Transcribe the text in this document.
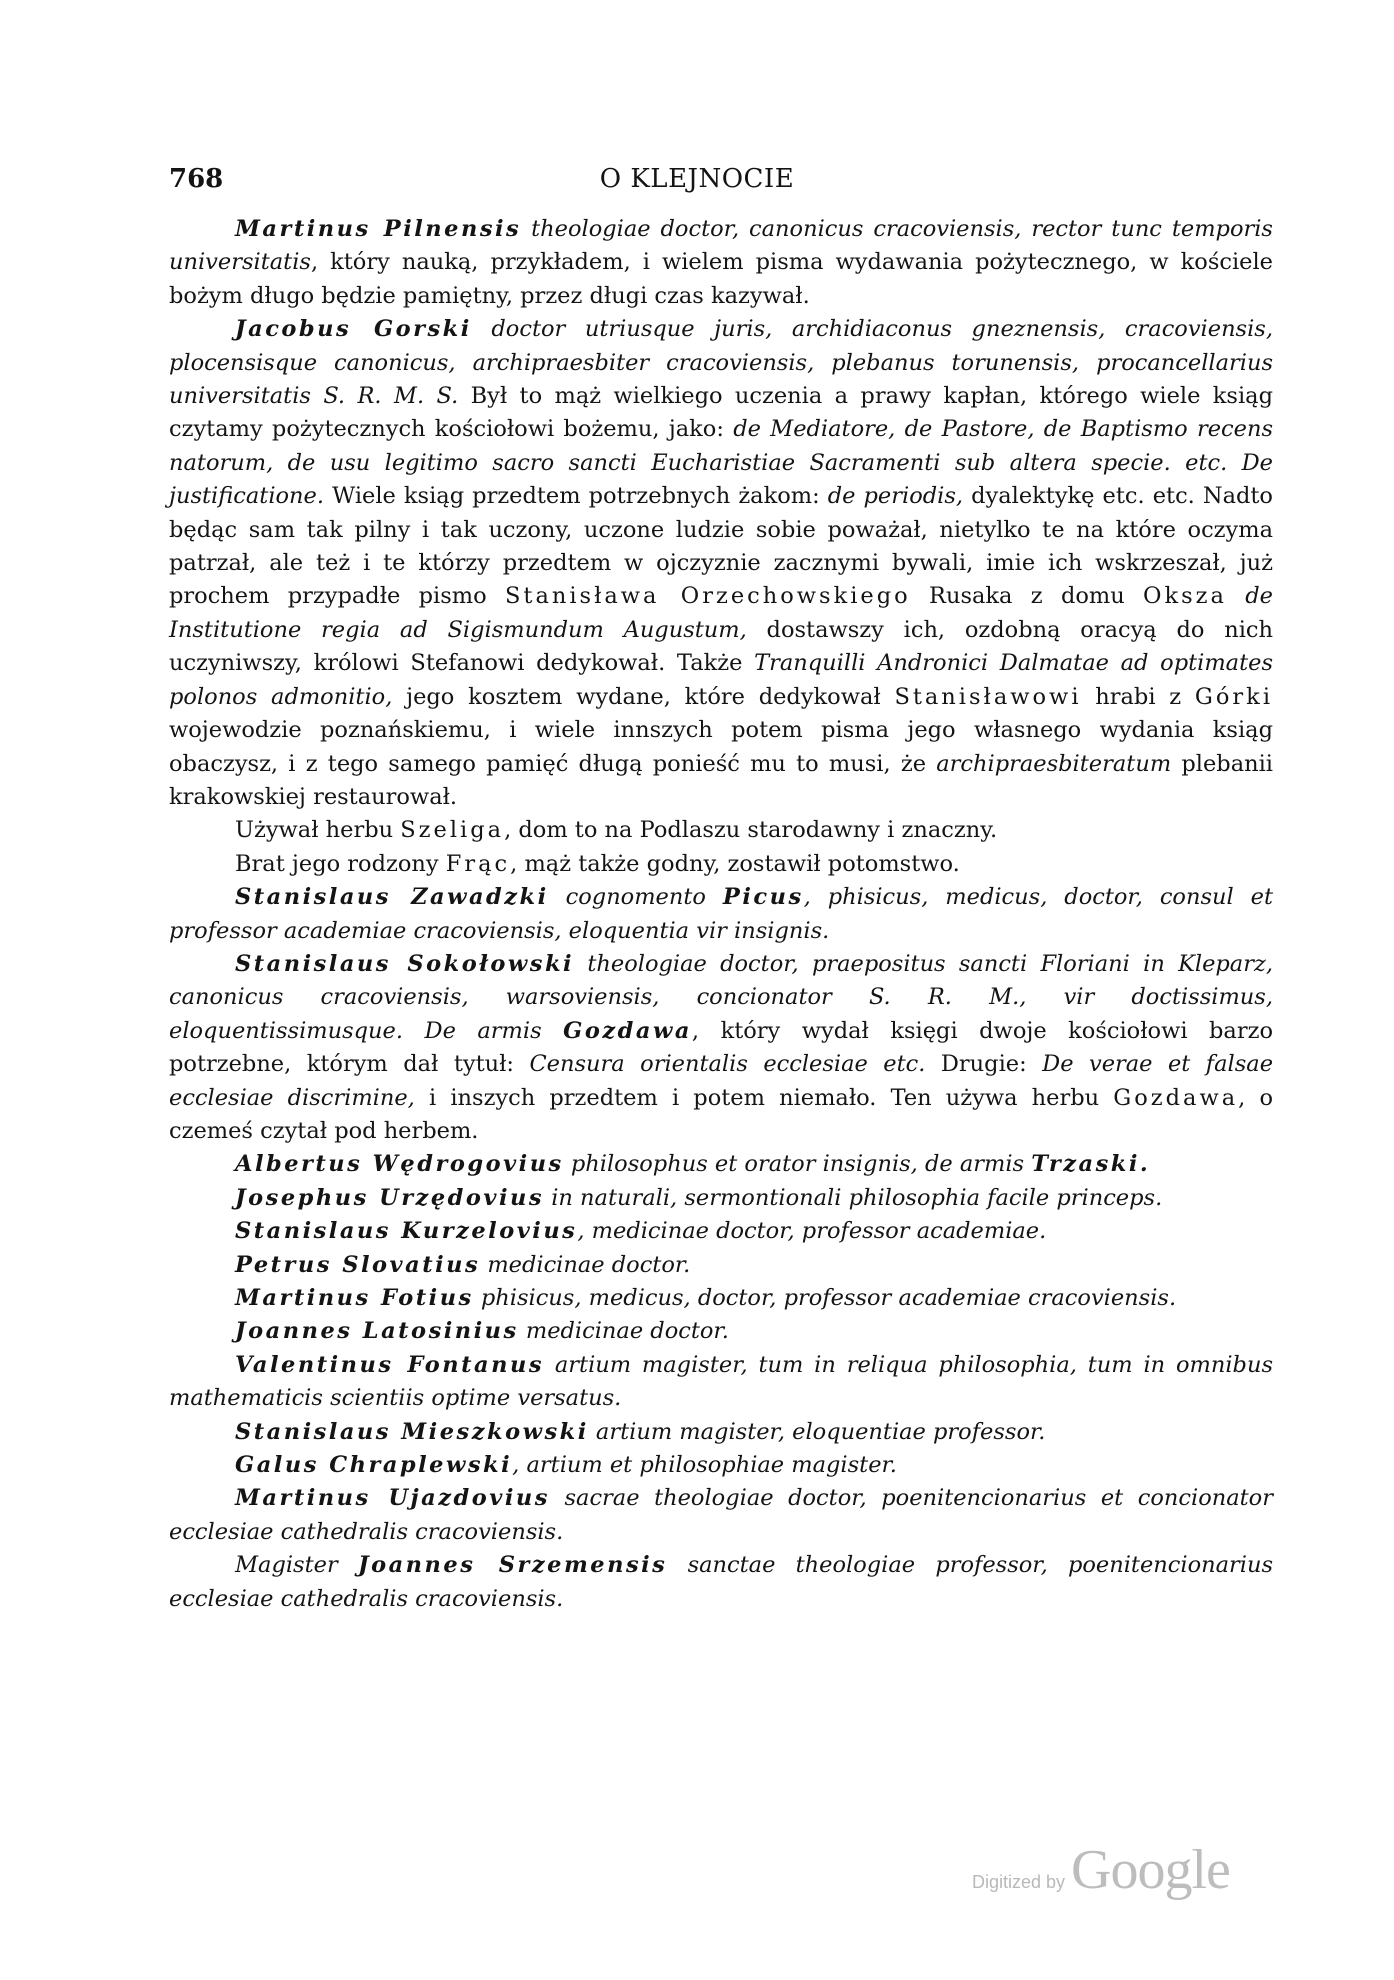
768	O KLEJNOCIE

Martinus Pilnensis theologiae doctor, canonicus cracoviensis, rector tunc temporis universitatis, który nauką, przykładem, i wielem pisma wydawania pożytecznego, w kościele bożym długo będzie pamiętny, przez długi czas kazywał.

Jacobus Gorski doctor utriusque juris, archidiaconus gneznensis, cracoviensis, plocensisque canonicus, archipraesbiter cracoviensis, plebanus torunensis, procancellarius universitatis S. R. M. S. Był to mąż wielkiego uczenia a prawy kapłan, którego wiele ksiąg czytamy pożytecznych kościołowi bożemu, jako: de Mediatore, de Pastore, de Baptismo recens natorum, de usu legitimo sacro sancti Eucharistiae Sacramenti sub altera specie. etc. De justificatione. Wiele ksiąg przedtem potrzebnych żakom: de periodis, dyalektykę etc. etc. Nadto będąc sam tak pilny i tak uczony, uczone ludzie sobie poważał, nietylko te na które oczyma patrzał, ale też i te którzy przedtem w ojczyznie zacznymi bywali, imie ich wskrzeszał, już prochem przypadłe pismo Stanisława Orzechowskiego Rusaka z domu Oksza de Institutione regia ad Sigismundum Augustum, dostawszy ich, ozdobną oracyą do nich uczyniwszy, królowi Stefanowi dedykował. Także Tranquilli Andronici Dalmatae ad optimates polonos admonitio, jego kosztem wydane, które dedykował Stanisławowi hrabi z Górki wojewodzie poznańskiemu, i wiele innszych potem pisma jego własnego wydania ksiąg obaczysz, i z tego samego pamięć długą ponieść mu to musi, że archipraesbiteratum plebanii krakowskiej restaurował.

Używał herbu Szeliga, dom to na Podlaszu starodawny i znaczny.

Brat jego rodzony Frąc, mąż także godny, zostawił potomstwo.

Stanislaus Zawadzki cognomento Picus, phisicus, medicus, doctor, consul et professor academiae cracoviensis, eloquentia vir insignis.

Stanislaus Sokołowski theologiae doctor, praepositus sancti Floriani in Kleparz, canonicus cracoviensis, warsoviensis, concionator S. R. M., vir doctissimus, eloquentissimusque. De armis Gozdawa, który wydał księgi dwoje kościołowi barzo potrzebne, którym dał tytuł: Censura orientalis ecclesiae etc. Drugie: De verae et falsae ecclesiae discrimine, i inszych przedtem i potem niemało. Ten używa herbu Gozdawa, o czemeś czytał pod herbem.

Albertus Wędrogovius philosophus et orator insignis, de armis Trzaski.

Josephus Urzędovius in naturali, sermontionali philosophia facile princeps.

Stanislaus Kurzelovius, medicinae doctor, professor academiae.

Petrus Slovatius medicinae doctor.

Martinus Fotius phisicus, medicus, doctor, professor academiae cracoviensis.

Joannes Latosinius medicinae doctor.

Valentinus Fontanus artium magister, tum in reliqua philosophia, tum in omnibus mathematicis scientiis optime versatus.

Stanislaus Mieszkowski artium magister, eloquentiae professor.

Galus Chraplewski, artium et philosophiae magister.

Martinus Ujazdovius sacrae theologiae doctor, poenitencionarius et concionator ecclesiae cathedralis cracoviensis.

Magister Joannes Srzemensis sanctae theologiae professor, poenitencionarius ecclesiae cathedralis cracoviensis.

Digitized by Google
